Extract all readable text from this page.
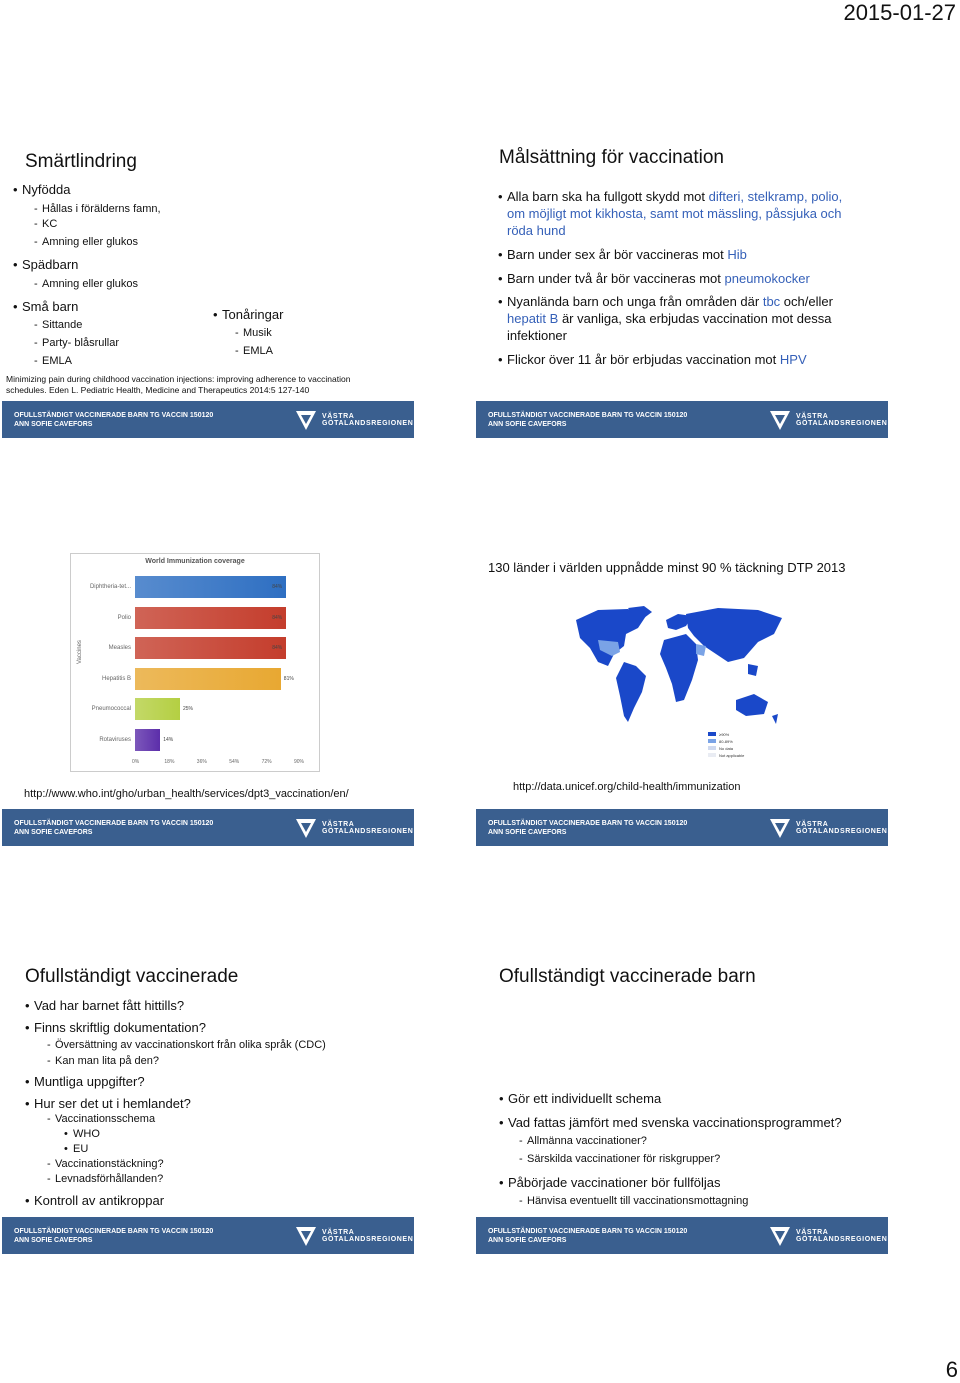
2015-01-27
Smärtlindring
• Nyfödda
- Hållas i förälderns famn,
- KC
- Amning eller glukos
• Spädbarn
- Amning eller glukos
• Små barn
- Sittande
- Party- blåsrullar
- EMLA
• Tonåringar
- Musik
- EMLA
Minimizing pain during childhood vaccination injections: improving adherence to vaccination
schedules. Eden L. Pediatric Health, Medicine and Therapeutics 2014:5 127-140
OFULLSTÄNDIGT VACCINERADE BARN TG VACCIN 150120
ANN SOFIE CAVEFORS
VÄSTRA
GÖTALANDSREGIONEN
Målsättning för vaccination
• Alla barn ska ha fullgott skydd mot difteri, stelkramp, polio,
om möjligt mot kikhosta, samt mot mässling, påssjuka och
röda hund
• Barn under sex år bör vaccineras mot Hib
• Barn under två år bör vaccineras mot pneumokocker
• Nyanlända barn och unga från områden där tbc och/eller
hepatit B är vanliga, ska erbjudas vaccination mot dessa
infektioner
• Flickor över 11 år bör erbjudas vaccination mot HPV
OFULLSTÄNDIGT VACCINERADE BARN TG VACCIN 150120
ANN SOFIE CAVEFORS
VÄSTRA
GÖTALANDSREGIONEN
http://www.who.int/gho/urban_health/services/dpt3_vaccination/en/
OFULLSTÄNDIGT VACCINERADE BARN TG VACCIN 150120
ANN SOFIE CAVEFORS
VÄSTRA
GÖTALANDSREGIONEN
World Immunization coverage
Vaccines
Diphtheria-tet...	84%
Polio	84%
Measles	84%
Hepatitis B	81%
Pneumococcal	25%
Rotaviruses	14%
0%	18%	36%	54%	72%	90%
130 länder i världen uppnådde minst 90 % täckning DTP 2013
≥90%
80-89%
No data
Not applicable
http://data.unicef.org/child-health/immunization
OFULLSTÄNDIGT VACCINERADE BARN TG VACCIN 150120
ANN SOFIE CAVEFORS
VÄSTRA
GÖTALANDSREGIONEN
Ofullständigt vaccinerade
• Vad har barnet fått hittills?
• Finns skriftlig dokumentation?
- Översättning av vaccinationskort från olika språk (CDC)
- Kan man lita på den?
• Muntliga uppgifter?
• Hur ser det ut i hemlandet?
- Vaccinationsschema
• WHO
• EU
- Vaccinationstäckning?
- Levnadsförhållanden?
• Kontroll av antikroppar
OFULLSTÄNDIGT VACCINERADE BARN TG VACCIN 150120
ANN SOFIE CAVEFORS
VÄSTRA
GÖTALANDSREGIONEN
Ofullständigt vaccinerade barn
• Gör ett individuellt schema
• Vad fattas jämfört med svenska vaccinationsprogrammet?
- Allmänna vaccinationer?
- Särskilda vaccinationer för riskgrupper?
• Påbörjade vaccinationer bör fullföljas
- Hänvisa eventuellt till vaccinationsmottagning
OFULLSTÄNDIGT VACCINERADE BARN TG VACCIN 150120
ANN SOFIE CAVEFORS
VÄSTRA
GÖTALANDSREGIONEN
6
